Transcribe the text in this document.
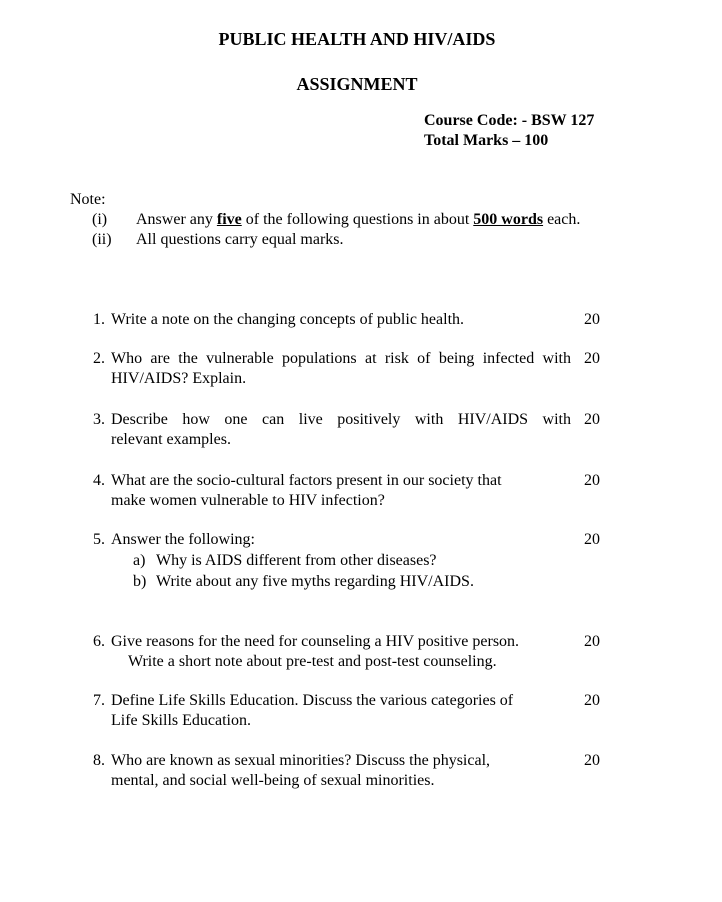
PUBLIC HEALTH AND HIV/AIDS
ASSIGNMENT
Course Code: - BSW 127
Total Marks – 100
Note:
(i) Answer any five of the following questions in about 500 words each.
(ii) All questions carry equal marks.
1. Write a note on the changing concepts of public health.	20
2. Who are the vulnerable populations at risk of being infected with
HIV/AIDS? Explain.
20
3. Describe how one can live positively with HIV/AIDS with
relevant examples.
20
4. What are the socio-cultural factors present in our society that
make women vulnerable to HIV infection?
20
5. Answer the following:	20
a) Why is AIDS different from other diseases?
b) Write about any five myths regarding HIV/AIDS.
6. Give reasons for the need for counseling a HIV positive person.
Write a short note about pre-test and post-test counseling.
20
7. Define Life Skills Education. Discuss the various categories of
Life Skills Education.
20
8. Who are known as sexual minorities? Discuss the physical,
mental, and social well-being of sexual minorities.
20
